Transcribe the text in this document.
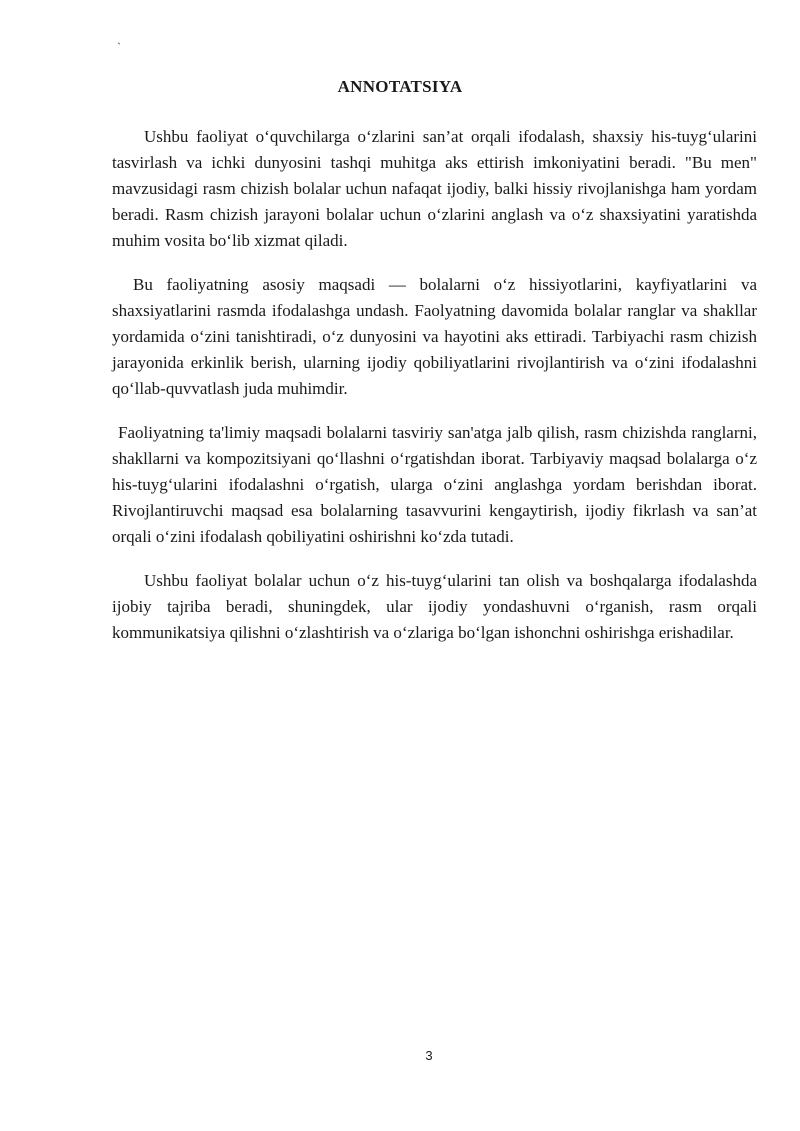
`
ANNOTATSIYA

Ushbu faoliyat o‘quvchilarga o‘zlarini san’at orqali ifodalash, shaxsiy his-tuyg‘ularini tasvirlash va ichki dunyosini tashqi muhitga aks ettirish imkoniyatini beradi. "Bu men" mavzusidagi rasm chizish bolalar uchun nafaqat ijodiy, balki hissiy rivojlanishga ham yordam beradi. Rasm chizish jarayoni bolalar uchun o‘zlarini anglash va o‘z shaxsiyatini yaratishda muhim vosita bo‘lib xizmat qiladi.

Bu faoliyatning asosiy maqsadi — bolalarni o‘z hissiyotlarini, kayfiyatlarini va shaxsiyatlarini rasmda ifodalashga undash. Faolyatning davomida bolalar ranglar va shakllar yordamida o‘zini tanishtiradi, o‘z dunyosini va hayotini aks ettiradi. Tarbiyachi rasm chizish jarayonida erkinlik berish, ularning ijodiy qobiliyatlarini rivojlantirish va o‘zini ifodalashni qo‘llab-quvvatlash juda muhimdir.

Faoliyatning ta'limiy maqsadi bolalarni tasviriy san'atga jalb qilish, rasm chizishda ranglarni, shakllarni va kompozitsiyani qo‘llashni o‘rgatishdan iborat. Tarbiyaviy maqsad bolalarga o‘z his-tuyg‘ularini ifodalashni o‘rgatish, ularga o‘zini anglashga yordam berishdan iborat. Rivojlantiruvchi maqsad esa bolalarning tasavvurini kengaytirish, ijodiy fikrlash va san’at orqali o‘zini ifodalash qobiliyatini oshirishni ko‘zda tutadi.

Ushbu faoliyat bolalar uchun o‘z his-tuyg‘ularini tan olish va boshqalarga ifodalashda ijobiy tajriba beradi, shuningdek, ular ijodiy yondashuvni o‘rganish, rasm orqali kommunikatsiya qilishni o‘zlashtirish va o‘zlariga bo‘lgan ishonchni oshirishga erishadilar.

3
